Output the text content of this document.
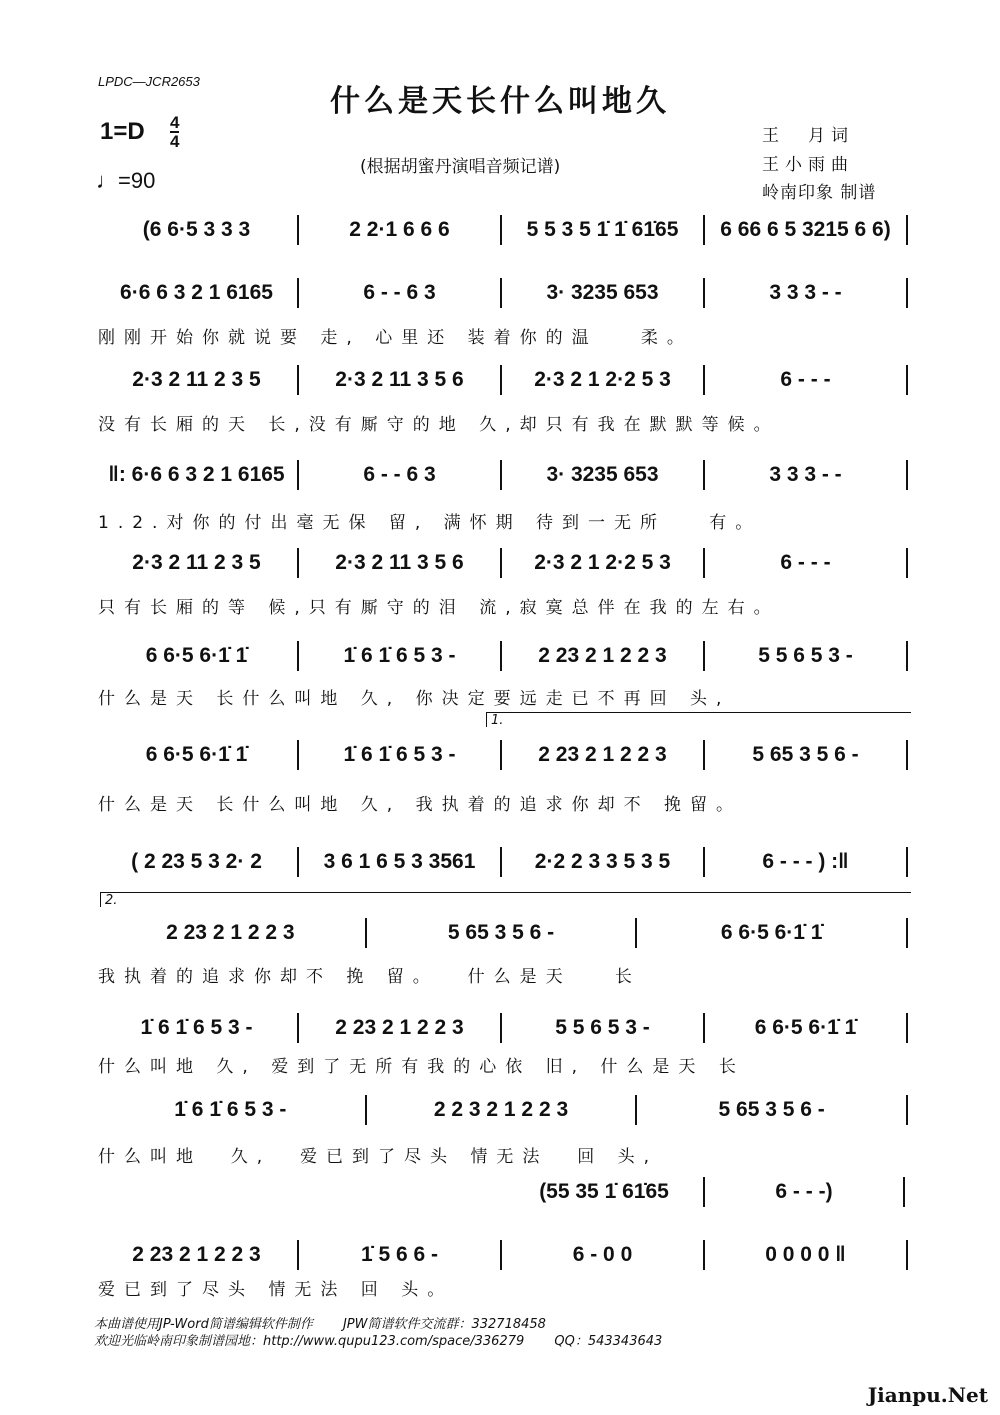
LPDC—JCR2653
什么是天长什么叫地久
1=D 4
4
♩=90
(根据胡蜜丹演唱音频记谱)
王　月词
王小雨曲
岭南印象 制谱
(6 6·5 3 3 3	2 2·1 6 6 6	5 5 3 5 1̇ 1̇ 61̇65	6 66 6 5 3215 6 6)
6·6 6 3 2 1 6165	6 - - 6 3	3· 3235 653	3 3 3 - -
刚刚开始你就说要 走, 心里还 装着你的温   柔。
2·3 2 11 2 3 5	2·3 2 11 3 5 6	2·3 2 1 2·2 5 3	6 - - -
没有长厢的天 长,没有厮守的地 久,却只有我在默默等候。
‖: 6·6 6 3 2 1 6165	6 - - 6 3	3· 3235 653	3 3 3 - -
1.2.对你的付出毫无保 留, 满怀期 待到一无所   有。
2·3 2 11 2 3 5	2·3 2 11 3 5 6	2·3 2 1 2·2 5 3	6 - - -
只有长厢的等 候,只有厮守的泪 流,寂寞总伴在我的左右。
6 6·5 6·1̇ 1̇	1̇ 6 1̇ 6 5 3 -	2 23 2 1 2 2 3	5 5 6 5 3 -
什么是天 长什么叫地 久, 你决定要远走已不再回 头,
6 6·5 6·1̇ 1̇	1̇ 6 1̇ 6 5 3 -	2 23 2 1 2 2 3	5 65 3 5 6 -
什么是天 长什么叫地 久, 我执着的追求你却不 挽留。
1.
( 2 23 5 3 2· 2	3 6 1 6 5 3 3561	2·2 2 3 3 5 3 5	6 - - - ) :‖
2 23 2 1 2 2 3	5 65 3 5 6 -	6 6·5 6·1̇ 1̇
我执着的追求你却不 挽 留。  什么是天   长
2.
1̇ 6 1̇ 6 5 3 -	2 23 2 1 2 2 3	5 5 6 5 3 -	6 6·5 6·1̇ 1̇
什么叫地 久, 爱到了无所有我的心依 旧, 什么是天 长
1̇ 6 1̇ 6 5 3 -	2 2 3 2 1 2 2 3	5 65 3 5 6 -
什么叫地  久,  爱已到了尽头 情无法  回 头,
(55 35 1̇ 61̇65	6 - - -)
2 23 2 1 2 2 3	1̇ 5 6 6 -	6 - 0 0	0 0 0 0 ‖
爱已到了尽头 情无法 回 头。
本曲谱使用JP-Word简谱编辑软件制作　　 JPW简谱软件交流群：332718458
欢迎光临岭南印象制谱园地：http://www.qupu123.com/space/336279　　 QQ：543343643
Jianpu.Net
